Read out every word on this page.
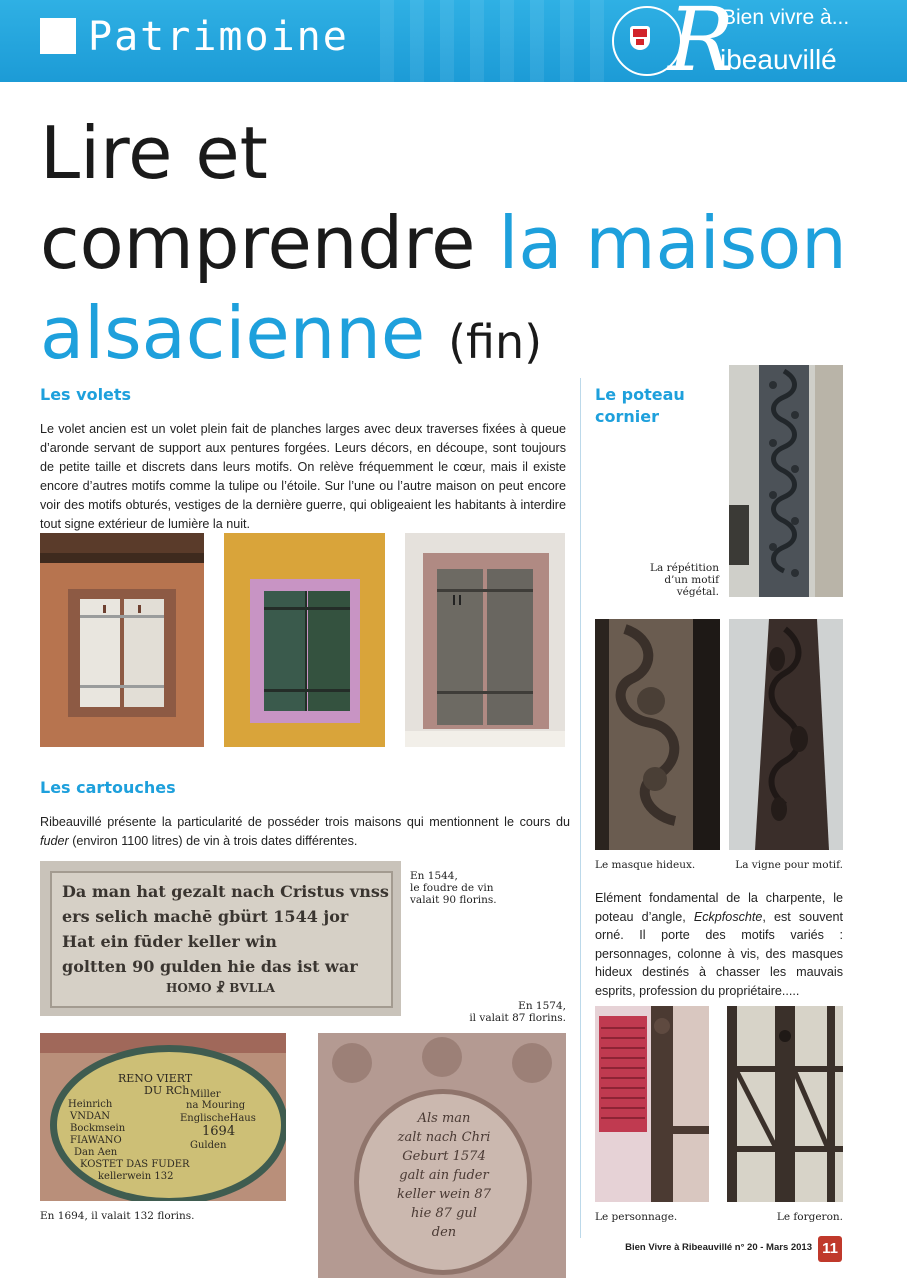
Patrimoine	R
Bien vivre à...
ibeauvillé
Lire et
comprendre la maison
alsacienne (fin)
Les volets
Le volet ancien est un volet plein fait de planches larges avec deux traverses fixées à queue d’aronde servant de support aux pentures forgées. Leurs décors, en découpe, sont toujours de petite taille et discrets dans leurs motifs. On relève fréquemment le cœur, mais il existe encore d’autres motifs comme la tulipe ou l’étoile. Sur l’une ou l’autre maison on peut encore voir des motifs obturés, vestiges de la dernière guerre, qui obligeaient les habitants à interdire tout signe extérieur de lumière la nuit.
Les cartouches
Ribeauvillé présente la particularité de posséder trois maisons qui mentionnent le cours du fuder (environ 1100 litres) de vin à trois dates différentes.
Da man hat gezalt nach Cristus vnss
ers selich machē gbürt 1544 jor
Hat ein fūder keller win
goltten 90 gulden hie das ist war
HOMO ☧ BVLLA
En 1544,
le foudre de vin
valait 90 florins.
En 1574,
il valait 87 florins.
RENO VIERT
DU RCh
Heinrich
VNDAN
Bockmsein
FIAWANO
Dan Aen
KOSTET DAS FUDER
kellerwein 132
Miller
na Mouring
EnglischeHaus
1694
Gulden
En 1694, il valait 132 florins.
Als man
zalt nach Chri
Geburt 1574
galt ain fuder
keller wein 87
hie 87 gul
den
Le poteau
cornier
La répétition
d’un motif
végétal.
Le masque hideux.	La vigne pour motif.
Elément fondamental de la charpente, le poteau d’angle, Eckpfoschte, est souvent orné. Il porte des motifs variés : personnages, colonne à vis, des masques hideux destinés à chasser les mauvais esprits, profession du propriétaire.....
Le personnage.	Le forgeron.
Bien Vivre à Ribeauvillé n° 20 - Mars 2013 11
